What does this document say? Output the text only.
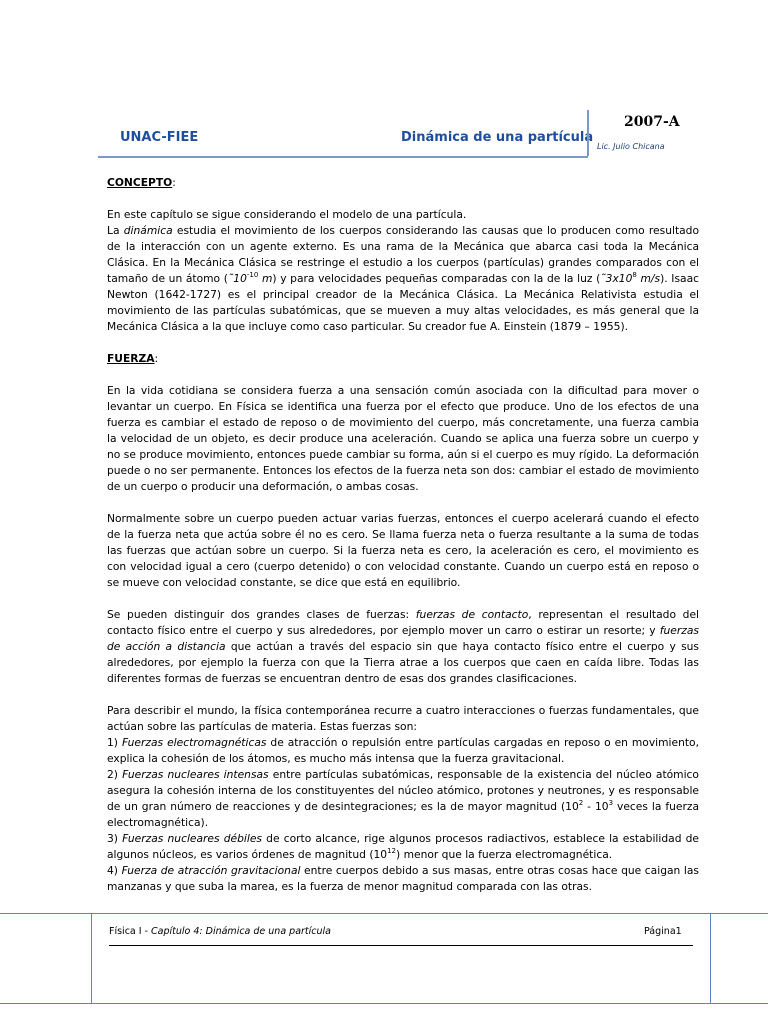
UNAC-FIEE	Dinámica de una partícula
2007-A
Lic. Julio Chicana

CONCEPTO:

En este capítulo se sigue considerando el modelo de una partícula.

La dinámica estudia el movimiento de los cuerpos considerando las causas que lo producen como resultado de la interacción con un agente externo. Es una rama de la Mecánica que abarca casi toda la Mecánica Clásica. En la Mecánica Clásica se restringe el estudio a los cuerpos (partículas) grandes comparados con el tamaño de un átomo ($˜10^{-10}$ m) y para velocidades pequeñas comparadas con la de la luz ($˜3x10^8$ m/s). Isaac Newton (1642-1727) es el principal creador de la Mecánica Clásica. La Mecánica Relativista estudia el movimiento de las partículas subatómicas, que se mueven a muy altas velocidades, es más general que la Mecánica Clásica a la que incluye como caso particular. Su creador fue A. Einstein (1879 – 1955).

FUERZA:

En la vida cotidiana se considera fuerza a una sensación común asociada con la dificultad para mover o levantar un cuerpo. En Física se identifica una fuerza por el efecto que produce. Uno de los efectos de una fuerza es cambiar el estado de reposo o de movimiento del cuerpo, más concretamente, una fuerza cambia la velocidad de un objeto, es decir produce una aceleración. Cuando se aplica una fuerza sobre un cuerpo y no se produce movimiento, entonces puede cambiar su forma, aún si el cuerpo es muy rígido. La deformación puede o no ser permanente. Entonces los efectos de la fuerza neta son dos: cambiar el estado de movimiento de un cuerpo o producir una deformación, o ambas cosas.

Normalmente sobre un cuerpo pueden actuar varias fuerzas, entonces el cuerpo acelerará cuando el efecto de la fuerza neta que actúa sobre él no es cero. Se llama fuerza neta o fuerza resultante a la suma de todas las fuerzas que actúan sobre un cuerpo. Si la fuerza neta es cero, la aceleración es cero, el movimiento es con velocidad igual a cero (cuerpo detenido) o con velocidad constante. Cuando un cuerpo está en reposo o se mueve con velocidad constante, se dice que está en equilibrio.

Se pueden distinguir dos grandes clases de fuerzas: fuerzas de contacto, representan el resultado del contacto físico entre el cuerpo y sus alrededores, por ejemplo mover un carro o estirar un resorte; y fuerzas de acción a distancia que actúan a través del espacio sin que haya contacto físico entre el cuerpo y sus alrededores, por ejemplo la fuerza con que la Tierra atrae a los cuerpos que caen en caída libre. Todas las diferentes formas de fuerzas se encuentran dentro de esas dos grandes clasificaciones.

Para describir el mundo, la física contemporánea recurre a cuatro interacciones o fuerzas fundamentales, que actúan sobre las partículas de materia. Estas fuerzas son:

1) Fuerzas electromagnéticas de atracción o repulsión entre partículas cargadas en reposo o en movimiento, explica la cohesión de los átomos, es mucho más intensa que la fuerza gravitacional.

2) Fuerzas nucleares intensas entre partículas subatómicas, responsable de la existencia del núcleo atómico asegura la cohesión interna de los constituyentes del núcleo atómico, protones y neutrones, y es responsable de un gran número de reacciones y de desintegraciones; es la de mayor magnitud ($10^2 - 10^3$ veces la fuerza electromagnética).

3) Fuerzas nucleares débiles de corto alcance, rige algunos procesos radiactivos, establece la estabilidad de algunos núcleos, es varios órdenes de magnitud $(10^{12})$ menor que la fuerza electromagnética.

4) Fuerza de atracción gravitacional entre cuerpos debido a sus masas, entre otras cosas hace que caigan las manzanas y que suba la marea, es la fuerza de menor magnitud comparada con las otras.

Física I - Capítulo 4: Dinámica de una partícula	Página1
